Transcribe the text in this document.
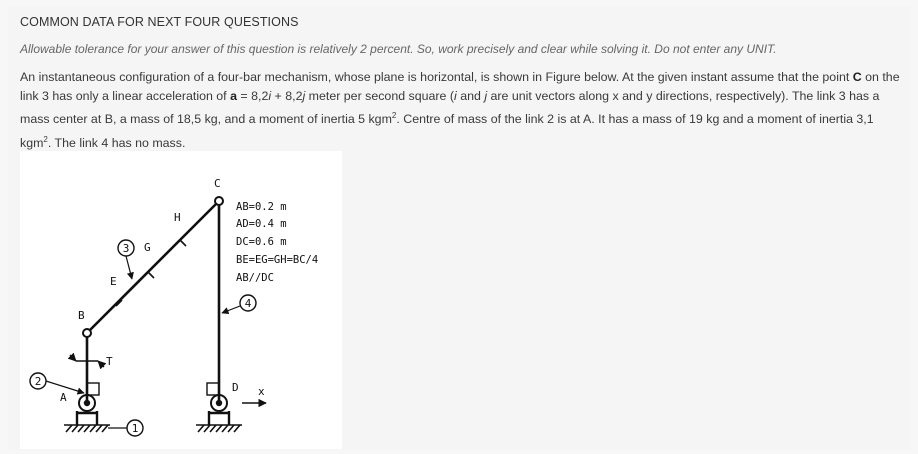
COMMON DATA FOR NEXT FOUR QUESTIONS
Allowable tolerance for your answer of this question is relatively 2 percent. So, work precisely and clear while solving it. Do not enter any UNIT.
An instantaneous configuration of a four-bar mechanism, whose plane is horizontal, is shown in Figure below. At the given instant assume that the point C on the link 3 has only a linear acceleration of a = 8,2i + 8,2j meter per second square (i and j are unit vectors along x and y directions, respectively). The link 3 has a mass center at B, a mass of 18,5 kg, and a moment of inertia 5 kgm$^2$. Centre of mass of the link 2 is at A. It has a mass of 19 kg and a moment of inertia 3,1 kgm$^2$. The link 4 has no mass.
2
1
3
4
A
B
C
D
E
G
H
T
x
AB=0.2 m
AD=0.4 m
DC=0.6 m
BE=EG=GH=BC/4
AB//DC
